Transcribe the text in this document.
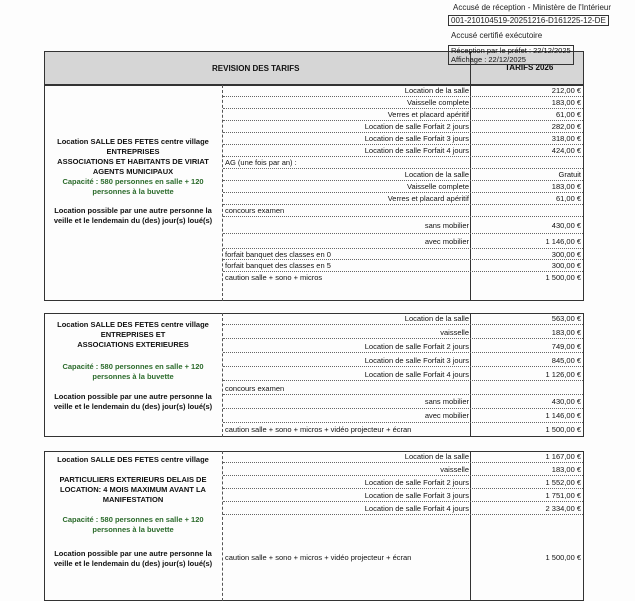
Accusé de réception - Ministère de l'Intérieur
001-210104519-20251216-D161225-12-DE
Accusé certifié exécutoire
REVISION DES TARIFS	TARIFS 2026
Réception par le préfet : 22/12/2025
Affichage : 22/12/2025

Location SALLE DES FETES centre village

ENTREPRISES

ASSOCIATIONS ET HABITANTS DE VIRIAT

AGENTS MUNICIPAUX

Capacité : 580 personnes en salle + 120 personnes à la buvette

Location possible par une autre personne la veille et le lendemain du (des) jour(s) loué(s)

Location de la salle	212,00 €
Vaisselle complete	183,00 €
Verres et placard apéritif	61,00 €
Location de salle Forfait 2 jours	282,00 €
Location de salle Forfait 3 jours	318,00 €
Location de salle Forfait 4 jours	424,00 €
AG (une fois par an) :
Location de la salle	Gratuit
Vaisselle complete	183,00 €
Verres et placard apéritif	61,00 €
concours examen
sans mobilier	430,00 €
avec mobilier	1 146,00 €
forfait banquet des classes en 0	300,00 €
forfait banquet des classes en 5	300,00 €
caution salle + sono + micros	1 500,00 €

Location SALLE DES FETES centre village

ENTREPRISES ET

ASSOCIATIONS EXTERIEURES

Capacité : 580 personnes en salle + 120 personnes à la buvette

Location possible par une autre personne la veille et le lendemain du (des) jour(s) loué(s)

Location de la salle	563,00 €
vaisselle	183,00 €
Location de salle Forfait 2 jours	749,00 €
Location de salle Forfait 3 jours	845,00 €
Location de salle Forfait 4 jours	1 126,00 €
concours examen
sans mobilier	430,00 €
avec mobilier	1 146,00 €
caution salle + sono + micros + vidéo projecteur + écran	1 500,00 €

Location SALLE DES FETES centre village

PARTICULIERS EXTERIEURS DELAIS DE LOCATION: 4 MOIS MAXIMUM AVANT LA MANIFESTATION

Capacité : 580 personnes en salle + 120 personnes à la buvette

Location possible par une autre personne la veille et le lendemain du (des) jour(s) loué(s)

Location de la salle	1 167,00 €
vaisselle	183,00 €
Location de salle Forfait 2 jours	1 552,00 €
Location de salle Forfait 3 jours	1 751,00 €
Location de salle Forfait 4 jours	2 334,00 €
caution salle + sono + micros + vidéo projecteur + écran	1 500,00 €
